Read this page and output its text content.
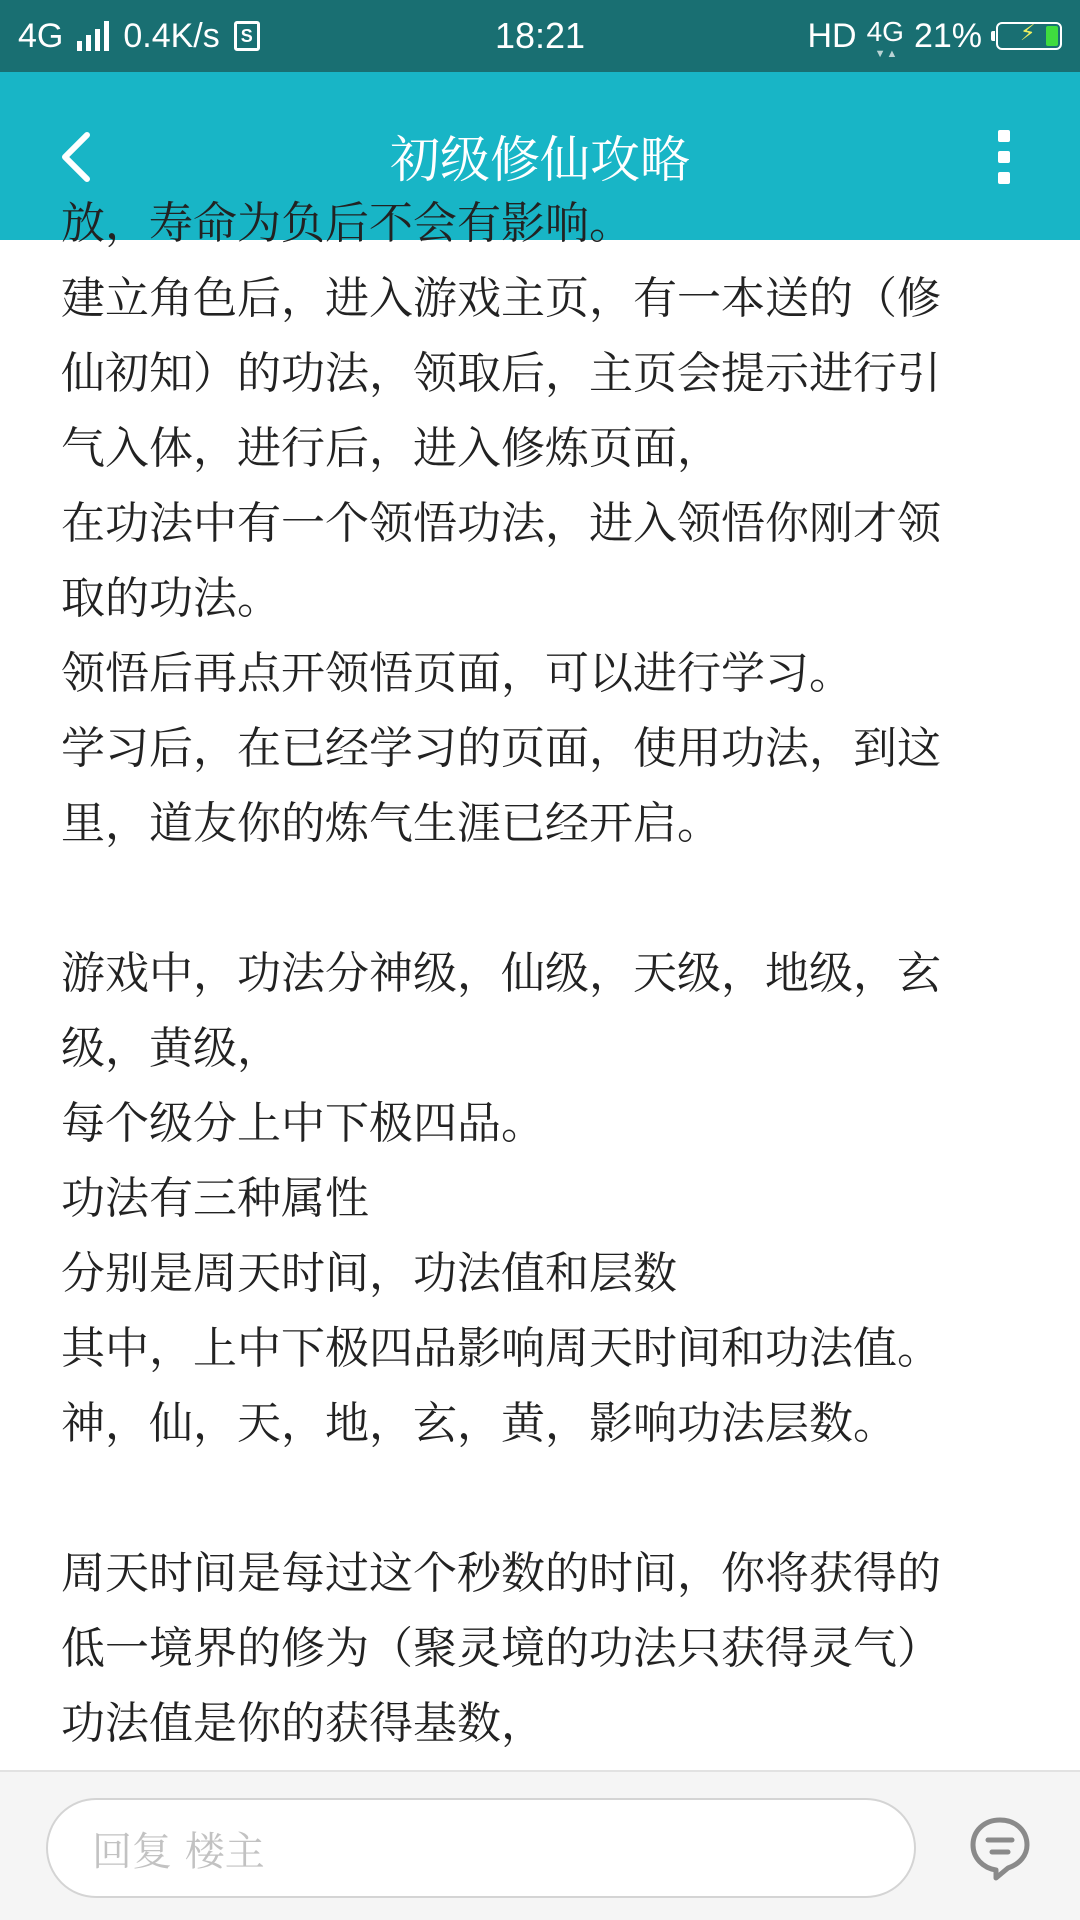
4G 0.4K/s S	18:21	HD 4G
▼▲ 21% ⚡
初级修仙攻略
放，寿命为负后不会有影响。
建立角色后，进入游戏主页，有一本送的（修
仙初知）的功法，领取后，主页会提示进行引
气入体，进行后，进入修炼页面，
在功法中有一个领悟功法，进入领悟你刚才领
取的功法。
领悟后再点开领悟页面，可以进行学习。
学习后，在已经学习的页面，使用功法，到这
里，道友你的炼气生涯已经开启。
游戏中，功法分神级，仙级，天级，地级，玄
级，黄级，
每个级分上中下极四品。
功法有三种属性
分别是周天时间，功法值和层数
其中，上中下极四品影响周天时间和功法值。
神，仙，天，地，玄，黄，影响功法层数。
周天时间是每过这个秒数的时间，你将获得的
低一境界的修为（聚灵境的功法只获得灵气）
功法值是你的获得基数，
回复 楼主
